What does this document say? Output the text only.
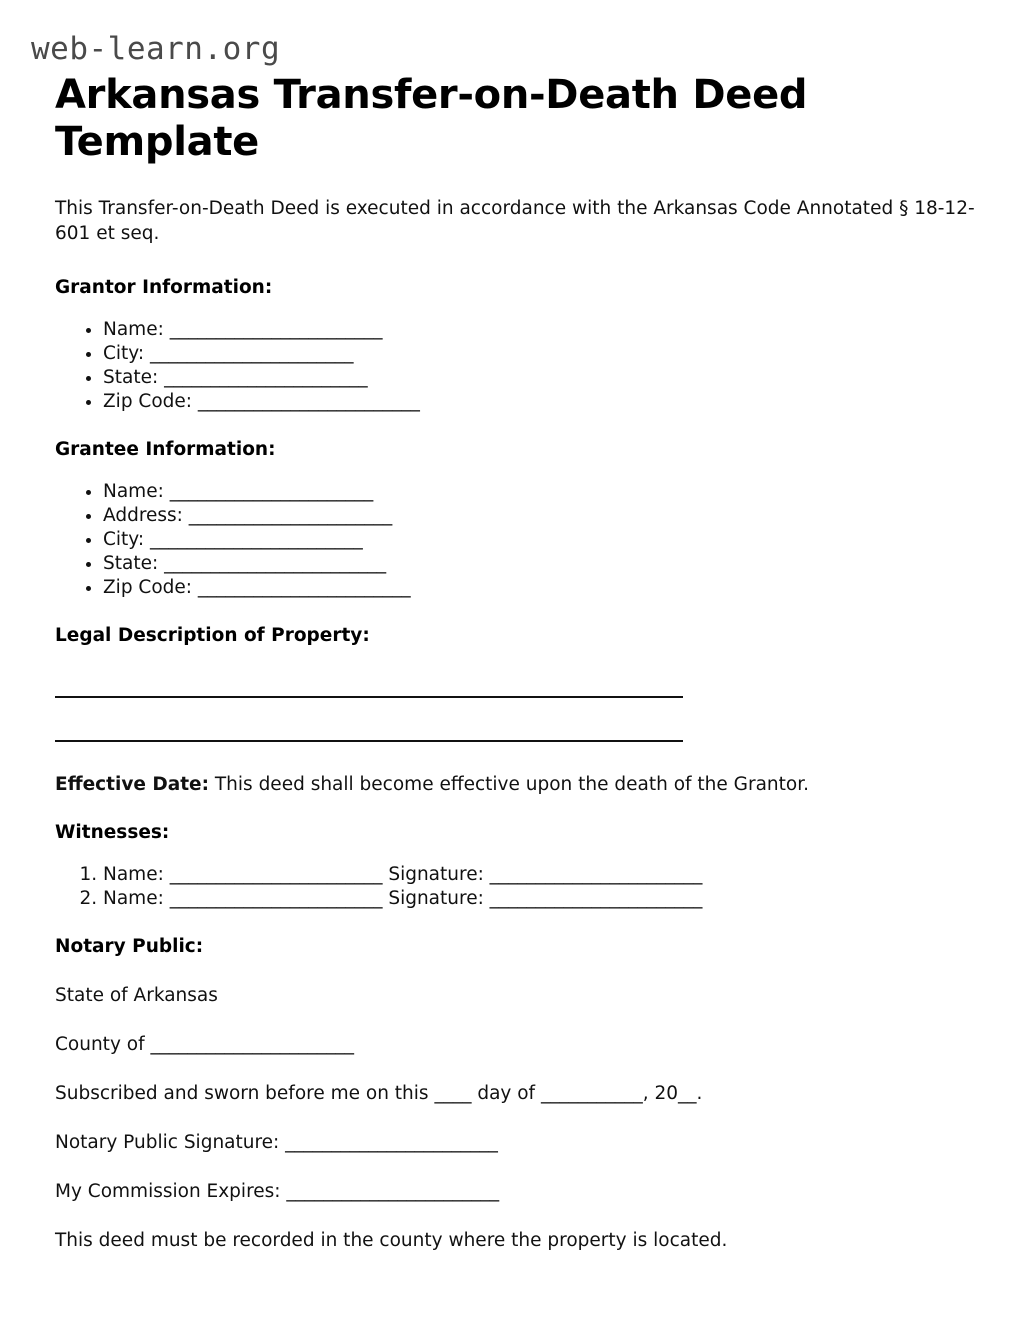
web-learn.org
Arkansas Transfer-on-Death Deed Template

This Transfer-on-Death Deed is executed in accordance with the Arkansas Code Annotated § 18-12-601 et seq.

Grantor Information:
• Name: _______________________
• City: ______________________
• State: ______________________
• Zip Code: ________________________
Grantee Information:
• Name: ______________________
• Address: ______________________
• City: _______________________
• State: ________________________
• Zip Code: _______________________
Legal Description of Property:

Effective Date: This deed shall become effective upon the death of the Grantor.

Witnesses:
1. Name: _______________________ Signature: _______________________
2. Name: _______________________ Signature: _______________________
Notary Public:

State of Arkansas

County of ______________________

Subscribed and sworn before me on this ____ day of ___________, 20__.

Notary Public Signature: _______________________

My Commission Expires: _______________________

This deed must be recorded in the county where the property is located.
